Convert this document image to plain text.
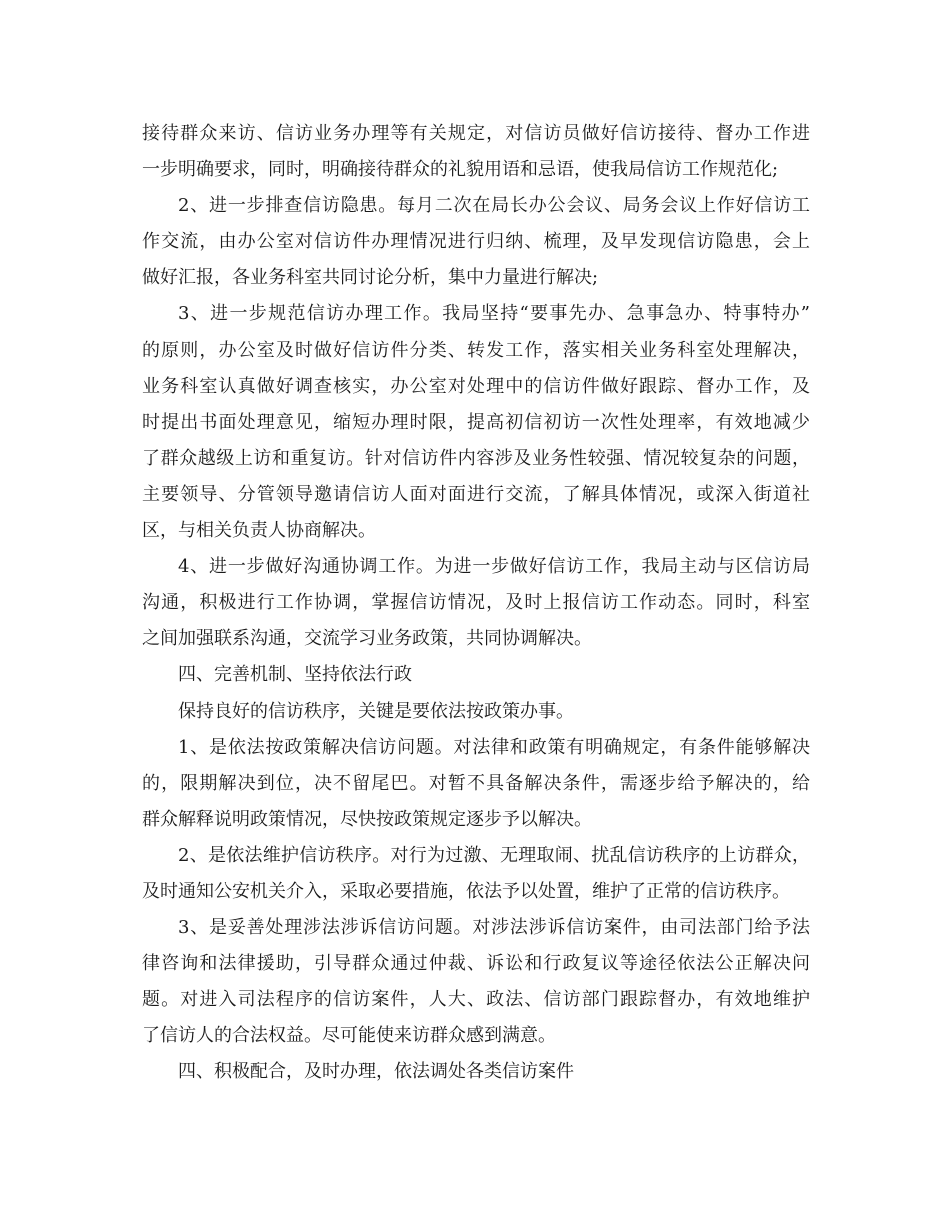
接待群众来访、信访业务办理等有关规定，对信访员做好信访接待、督办工作进
一步明确要求，同时，明确接待群众的礼貌用语和忌语，使我局信访工作规范化;
2、进一步排查信访隐患。每月二次在局长办公会议、局务会议上作好信访工
作交流，由办公室对信访件办理情况进行归纳、梳理，及早发现信访隐患，会上
做好汇报，各业务科室共同讨论分析，集中力量进行解决;
3、进一步规范信访办理工作。我局坚持“要事先办、急事急办、特事特办”
的原则，办公室及时做好信访件分类、转发工作，落实相关业务科室处理解决，
业务科室认真做好调查核实，办公室对处理中的信访件做好跟踪、督办工作，及
时提出书面处理意见，缩短办理时限，提高初信初访一次性处理率，有效地减少
了群众越级上访和重复访。针对信访件内容涉及业务性较强、情况较复杂的问题，
主要领导、分管领导邀请信访人面对面进行交流，了解具体情况，或深入街道社
区，与相关负责人协商解决。
4、进一步做好沟通协调工作。为进一步做好信访工作，我局主动与区信访局
沟通，积极进行工作协调，掌握信访情况，及时上报信访工作动态。同时，科室
之间加强联系沟通，交流学习业务政策，共同协调解决。
四、完善机制、坚持依法行政
保持良好的信访秩序，关键是要依法按政策办事。
1、是依法按政策解决信访问题。对法律和政策有明确规定，有条件能够解决
的，限期解决到位，决不留尾巴。对暂不具备解决条件，需逐步给予解决的，给
群众解释说明政策情况，尽快按政策规定逐步予以解决。
2、是依法维护信访秩序。对行为过激、无理取闹、扰乱信访秩序的上访群众，
及时通知公安机关介入，采取必要措施，依法予以处置，维护了正常的信访秩序。
3、是妥善处理涉法涉诉信访问题。对涉法涉诉信访案件，由司法部门给予法
律咨询和法律援助，引导群众通过仲裁、诉讼和行政复议等途径依法公正解决问
题。对进入司法程序的信访案件，人大、政法、信访部门跟踪督办，有效地维护
了信访人的合法权益。尽可能使来访群众感到满意。
四、积极配合，及时办理，依法调处各类信访案件
